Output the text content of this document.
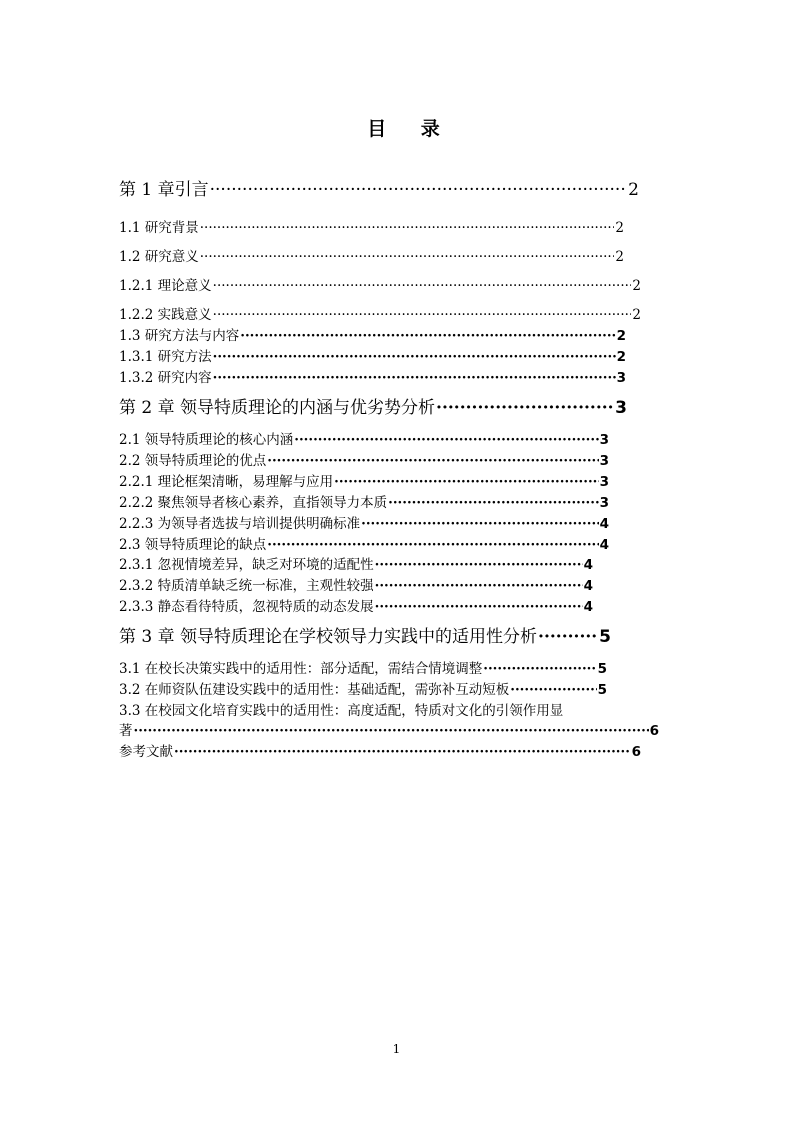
目 录
第 1 章引言 ·····	2
1.1 研究背景 ·····	2
1.2 研究意义 ·····	2
1.2.1 理论意义 ·····	2
1.2.2 实践意义 ·····	2
1.3 研究方法与内容 ·····	2
1.3.1 研究方法 ·····	2
1.3.2 研究内容 ·····	3
第 2 章 领导特质理论的内涵与优劣势分析 ·····	3
2.1 领导特质理论的核心内涵 ·····	3
2.2 领导特质理论的优点 ·····	3
2.2.1 理论框架清晰，易理解与应用 ·····	3
2.2.2 聚焦领导者核心素养，直指领导力本质 ·····	3
2.2.3 为领导者选拔与培训提供明确标准 ·····	4
2.3 领导特质理论的缺点 ·····	4
2.3.1 忽视情境差异，缺乏对环境的适配性 ·····	4
2.3.2 特质清单缺乏统一标准，主观性较强 ·····	4
2.3.3 静态看待特质，忽视特质的动态发展 ·····	4
第 3 章 领导特质理论在学校领导力实践中的适用性分析 ·····	5
3.1 在校长决策实践中的适用性：部分适配，需结合情境调整 ·····	5
3.2 在师资队伍建设实践中的适用性：基础适配，需弥补互动短板 ·····	5
3.3 在校园文化培育实践中的适用性：高度适配，特质对文化的引领作用显
著 ·····	6
参考文献 ·····	6
1
